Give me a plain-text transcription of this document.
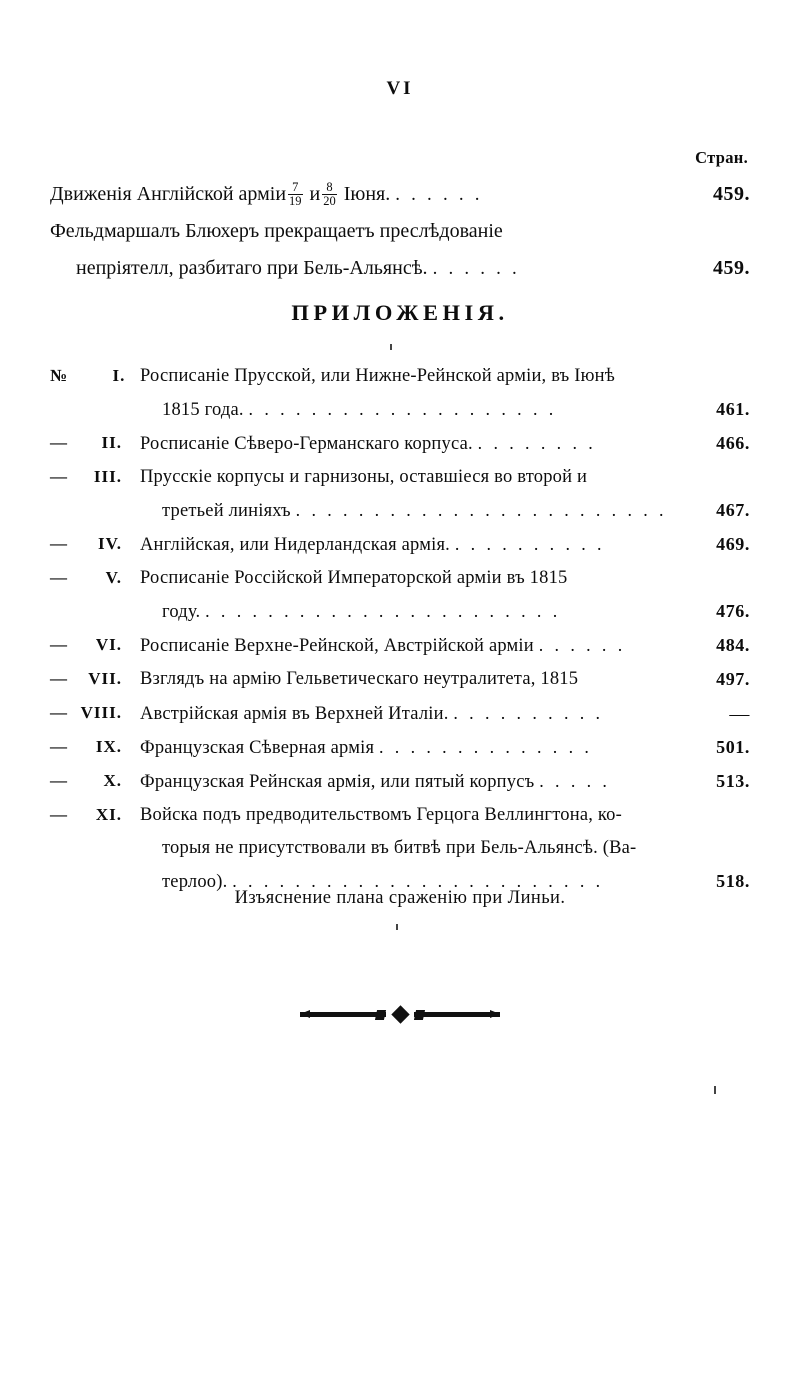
VI
Стран.
Движенія Англійской арміи $\frac{7}{19}$ и $\frac{8}{20}$ Іюня. . . . . . .	459.
Фельдмаршалъ Блюхеръ прекращаетъ преслѣдованіе
непріятелл, разбитаго при Бель-Альянсѣ. . . . . . .	459.
ПРИЛОЖЕНІЯ.
№	I. Росписаніе Прусской, или Нижне-Рейнской арміи, въ Іюнѣ
1815 года. . . . . . . . . . . . . . . . . . . . .	461.
— II. Росписаніе Сѣверо-Германскаго корпуса. . . . . . . . .	466.
— III. Прусскіе корпусы и гарнизоны, оставшіеся во второй и
третьей линіяхъ . . . . . . . . . . . . . . . . . . . . . . . .	467.
— IV. Англійская, или Нидерландская армія. . . . . . . . . . .	469.
— V. Росписаніе Россійской Императорской арміи въ 1815
году. . . . . . . . . . . . . . . . . . . . . . . .	476.
— VI. Росписаніе Верхне-Рейнской, Австрійской арміи . . . . . .	484.
— VII. Взглядъ на армію Гельветическаго неутралитета, 1815	497.
— VIII. Австрійская армія въ Верхней Италіи. . . . . . . . . . .	—
— IX. Французская Сѣверная армія . . . . . . . . . . . . . .	501.
— X. Французская Рейнская армія, или пятый корпусъ . . . . .	513.
— XI. Войска подъ предводительствомъ Герцога Веллингтона, ко-
торыя не присутствовали въ битвѣ при Бель-Альянсѣ. (Ва-
терлоо). . . . . . . . . . . . . . . . . . . . . . . . .	518.
Изъяснение плана сраженію при Линьи.
